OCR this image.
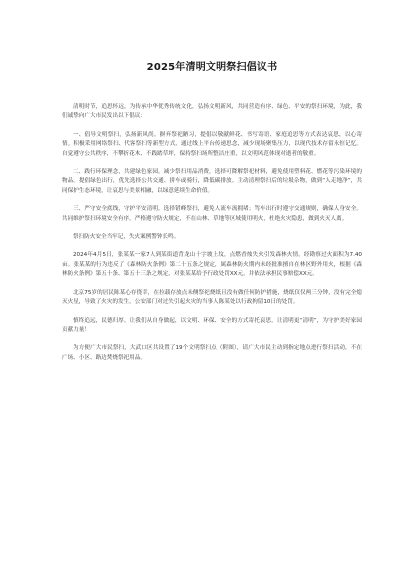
2025年清明文明祭扫倡议书

清明时节，追思怀远。为传承中华优秀传统文化，弘扬文明新风，共同营造有序、绿色、平安的祭扫环境，为此，我们诚挚向广大市民发出以下倡议：

一、倡导文明祭扫，弘扬新风尚。摒弃祭祀陋习，提倡以敬献鲜花、书写寄语、家庭追思等方式表达哀思，以心寄情。积极采用网络祭扫、代客祭扫等新型方式，通过线上平台传递思念，减少现场聚集压力，以现代技术存留永恒记忆。自觉遵守公共秩序，不攀折花木、不践踏草坪，保持祭扫场所整洁庄重，以文明风范体现对逝者的敬重。

二、践行环保理念，共建绿色家园。减少祭扫用品消费，选择可降解祭祀材料，避免使用塑料花、燃花等污染环境的物品。提倡绿色出行，优先选择公共交通、拼车或骑行，降低碳排放。主动清理祭扫后的垃圾杂物，做到“人走地净”，共同保护生态环境，让哀思与美景相融，以绿意延续生命价值。

三、严守安全底线，守护平安清明。选择错峰祭扫，避免人流车流拥堵；驾车出行时遵守交通规则，确保人身安全。共同维护祭扫环境安全有序，严格遵守防火规定，不在山林、草地等区域使用明火，杜绝火灾隐患，做到火灭人离。

祭扫防火安全当牢记，失火案例警钟长鸣。

2024年4月5日，张某某一家7人到某街道背龙山十字坡上坟，点燃香烛失火引发森林火情，经勘察过火面积为7.40亩。张某某的行为违反了《森林防火条例》第二十五条之规定，属森林防火期内未经批准擅自在林区野外用火，根据《森林防火条例》第五十条、第五十三条之规定，对张某某给予行政处罚XX元，并依法承担民事赔偿XX元。

北京75岁的居民陈某心存侥幸，在拉载存放点未侧祭祀烧纸且没有做任何防护措施，烧纸仅仅两三分钟，没有完全熄灭火星，导致了火灾的发生，公安部门对过失引起火灾的当事人陈某处以行政拘留10日的处罚。

慎终追远，民德归厚。让我们从自身做起，以文明、环保、安全的方式寄托哀思，让清明更“清明”，为守护美好家园贡献力量！

为方便广大市民祭扫，大武口区共设置了19个文明祭扫点（附图），请广大市民主动到指定地点进行祭扫活动，不在广场、小区、路边焚烧祭祀用品。
